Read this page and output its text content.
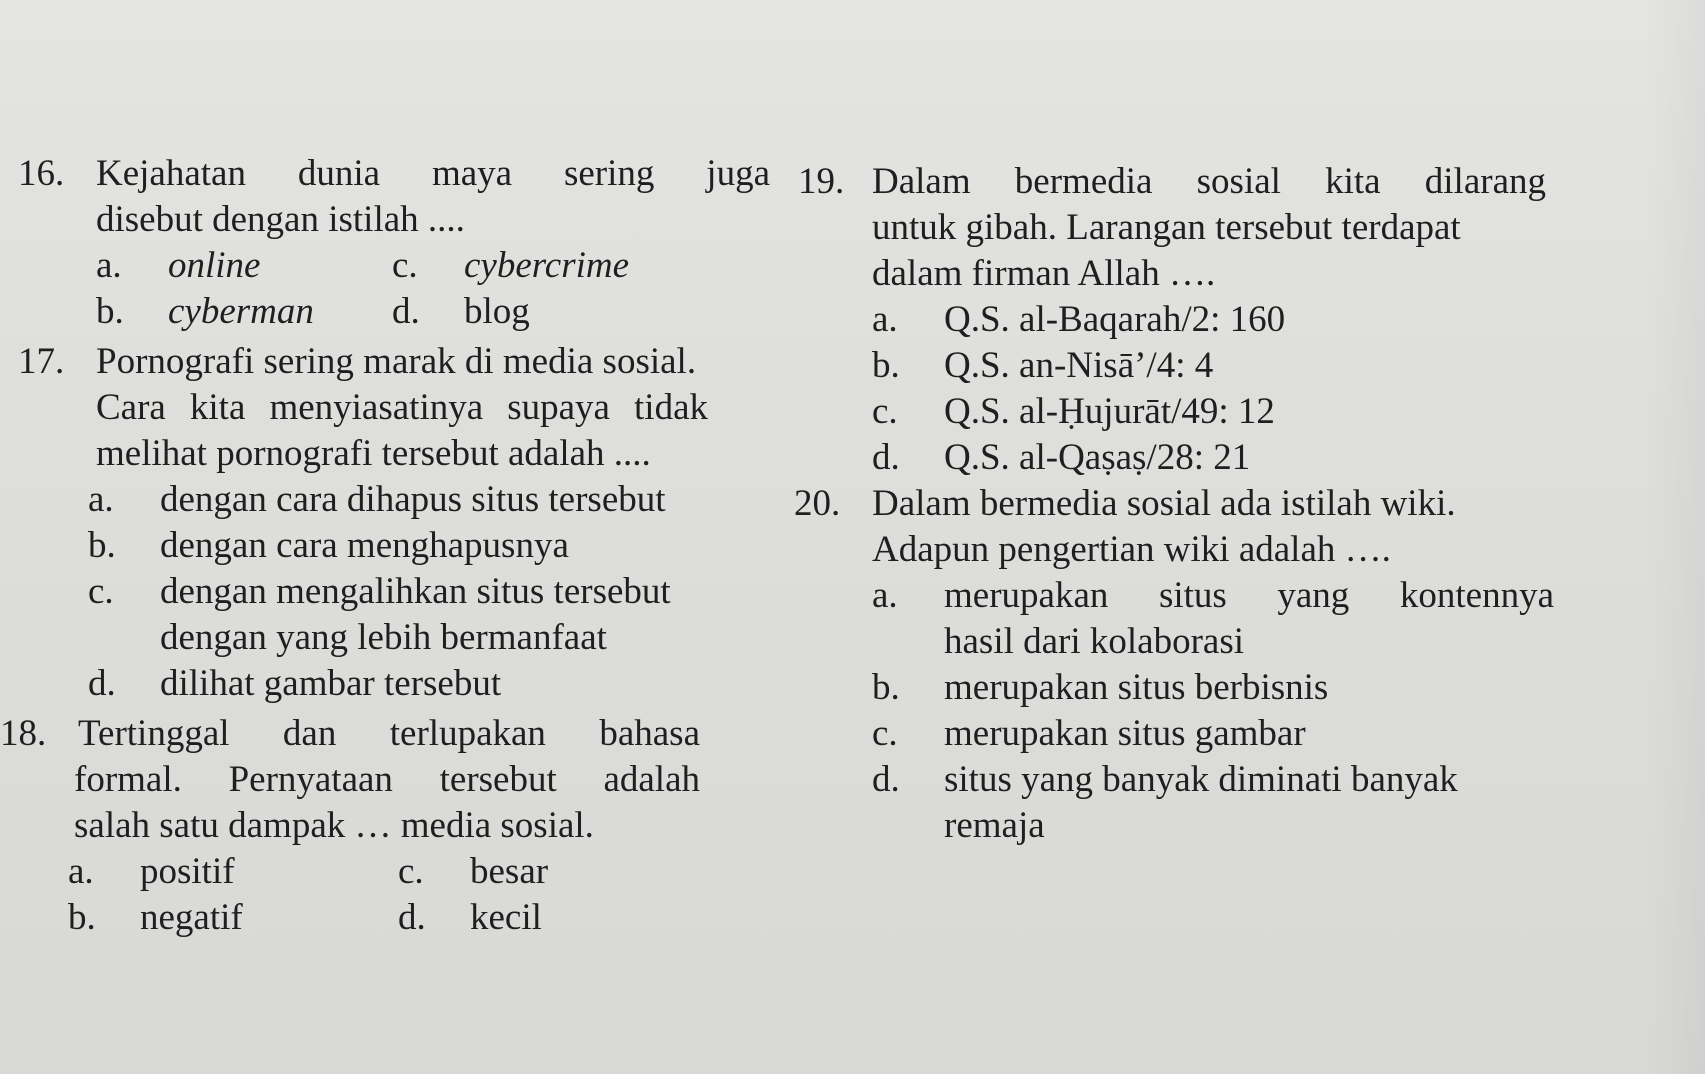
16. Kejahatan dunia maya sering juga
disebut dengan istilah ....
a.	online	c.	cybercrime
b.	cyberman d.	blog
17. Pornografi sering marak di media sosial.
Cara kita menyiasatinya supaya tidak
melihat pornografi tersebut adalah ....
a.	dengan cara dihapus situs tersebut
b.	dengan cara menghapusnya
c.	dengan mengalihkan situs tersebut
dengan yang lebih bermanfaat
d.	dilihat gambar tersebut
18. Tertinggal dan terlupakan bahasa
formal. Pernyataan tersebut adalah
salah satu dampak … media sosial.
a.	positif	c.	besar
b.	negatif	d.	kecil
19. Dalam bermedia sosial kita dilarang
untuk gibah. Larangan tersebut terdapat
dalam firman Allah ….
a.	Q.S. al-Baqarah/2: 160
b.	Q.S. an-Nisā’/4: 4
c.	Q.S. al-Ḥujurāt/49: 12
d.	Q.S. al-Qaṣaṣ/28: 21
20. Dalam bermedia sosial ada istilah wiki.
Adapun pengertian wiki adalah ….
a.	merupakan situs yang kontennya
hasil dari kolaborasi
b.	merupakan situs berbisnis
c.	merupakan situs gambar
d.	situs yang banyak diminati banyak
remaja
